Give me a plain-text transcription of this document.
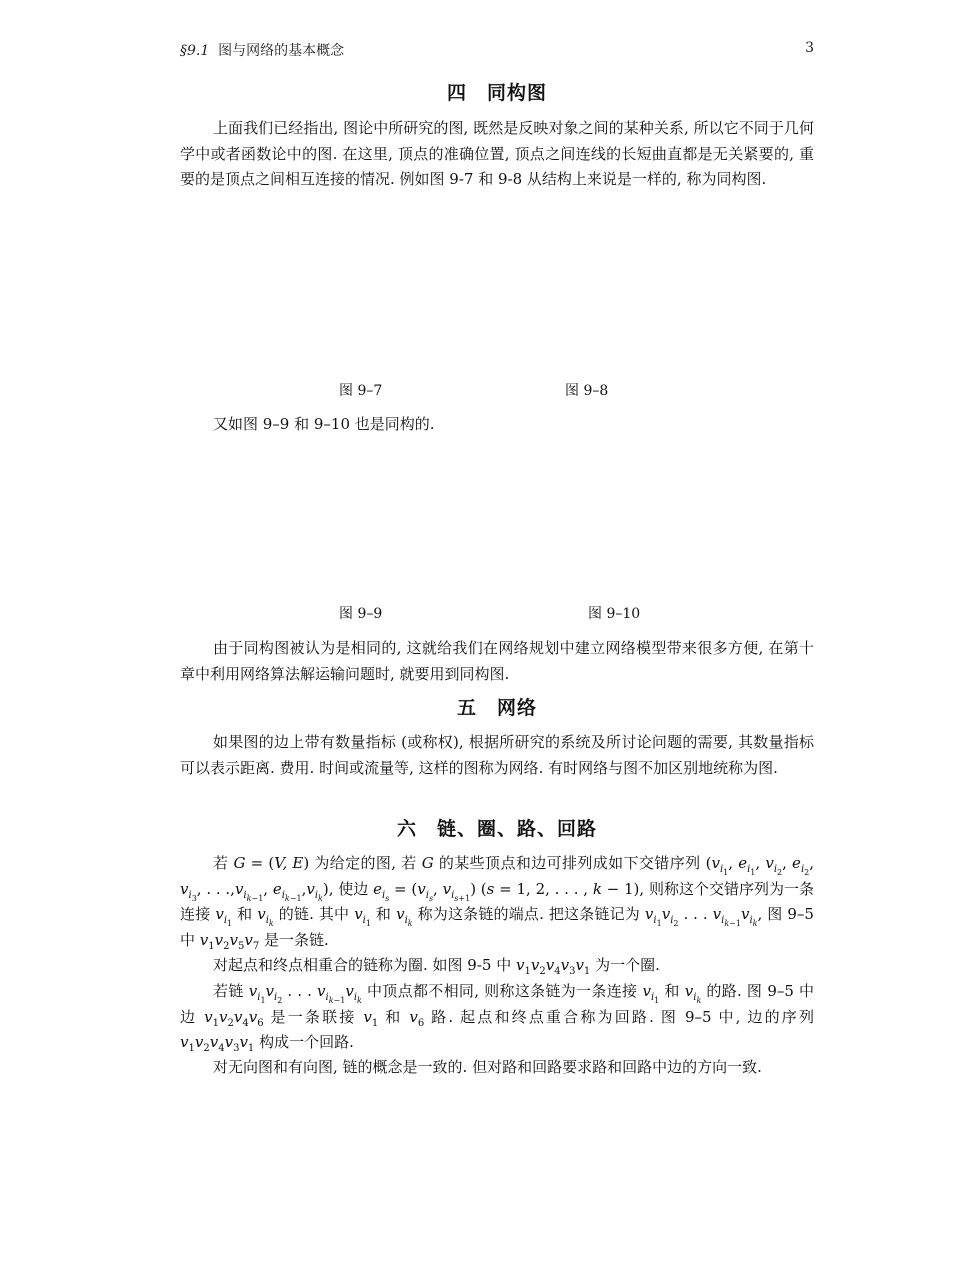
§9.1 图与网络的基本概念	3
四　同构图

上面我们已经指出, 图论中所研究的图, 既然是反映对象之间的某种关系, 所以它不同于几何学中或者函数论中的图. 在这里, 顶点的准确位置, 顶点之间连线的长短曲直都是无关紧要的, 重要的是顶点之间相互连接的情况. 例如图 9-7 和 9-8 从结构上来说是一样的, 称为同构图.

图 9–7	图 9–8

又如图 9–9 和 9–10 也是同构的.

图 9–9	图 9–10

由于同构图被认为是相同的, 这就给我们在网络规划中建立网络模型带来很多方便, 在第十章中利用网络算法解运输问题时, 就要用到同构图.

五　网络

如果图的边上带有数量指标 (或称权), 根据所研究的系统及所讨论问题的需要, 其数量指标可以表示距离. 费用. 时间或流量等, 这样的图称为网络. 有时网络与图不加区别地统称为图.

六　链、圈、路、回路

若 G = (V, E) 为给定的图, 若 G 的某些顶点和边可排列成如下交错序列 ($v_{i_1}$, $e_{i_1}$, $v_{i_2}$, $e_{i_2}$, $v_{i_3}$, . . $.,v_{i_{k-1}}$, $e_{i_{k-1}},v_{i_k}$), 使边 $e_{i_s} = (v_{i_s}$, $v_{i_{s+1}}$) (s = 1, 2, . . . , k − 1), 则称这个交错序列为一条连接 $v_{i_1}$ 和 $v_{i_k}$ 的链. 其中 $v_{i_1}$ 和 $v_{i_k}$ 称为这条链的端点. 把这条链记为 $v_{i_1}v_{i_2}$ . . . $v_{i_{k-1}}v_{i_k}$, 图 9–5 中 $v_1v_2v_5v_7$ 是一条链.

对起点和终点相重合的链称为圈. 如图 9-5 中 $v_1v_2v_4v_3v_1$ 为一个圈.

若链 $v_{i_1}v_{i_2}$ . . . $v_{i_{k-1}}v_{i_k}$ 中顶点都不相同, 则称这条链为一条连接 $v_{i_1}$ 和 $v_{i_k}$ 的路. 图 9–5 中边 $v_1v_2v_4v_6$ 是一条联接 $v_1$ 和 $v_6$ 路. 起点和终点重合称为回路. 图 9–5 中, 边的序列 $v_1v_2v_4v_3v_1$ 构成一个回路.

对无向图和有向图, 链的概念是一致的. 但对路和回路要求路和回路中边的方向一致.
